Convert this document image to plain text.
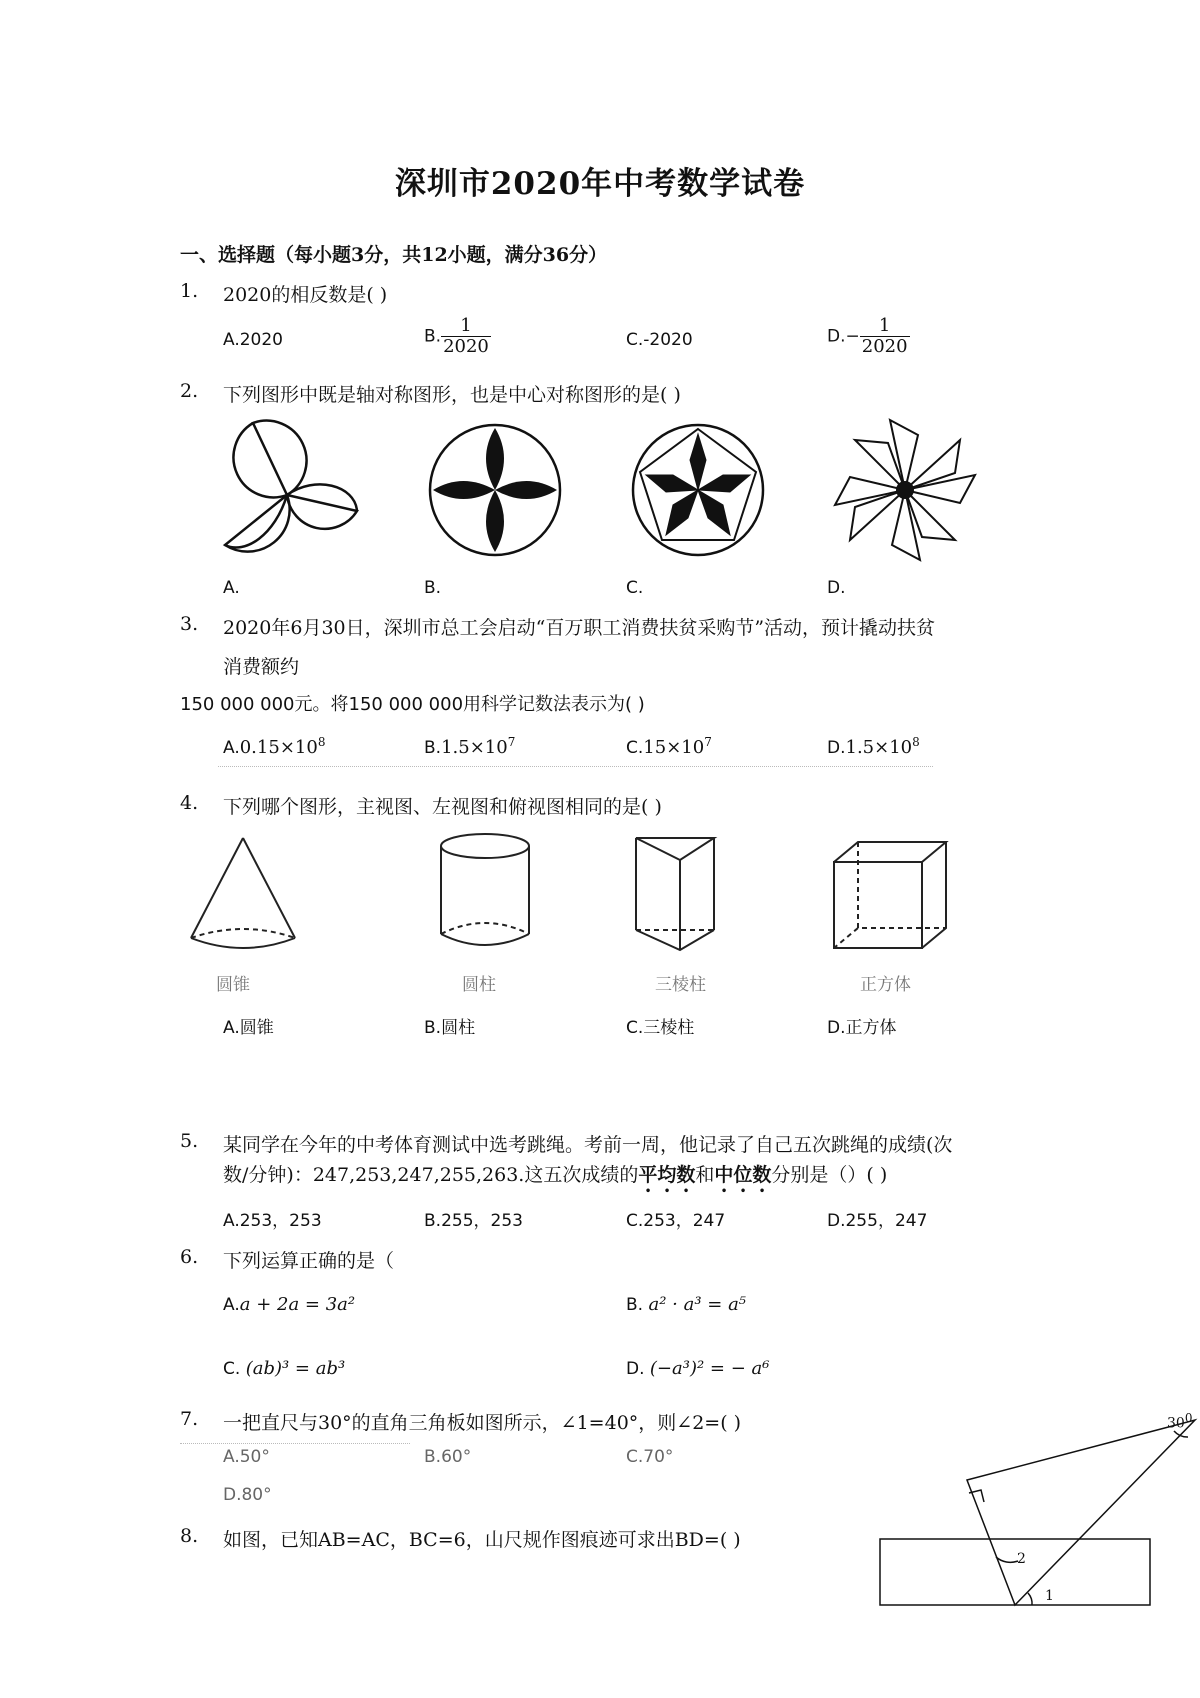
深圳市2020年中考数学试卷
一、选择题（每小题3分，共12小题，满分36分）
1. 2020的相反数是( )
A.2020	B. $\frac{1}{2020}$	C.-2020	$D.- \frac{1}{2020}$
2. 下列图形中既是轴对称图形，也是中心对称图形的是( )
A.	B.	C.	D.
3. 2020年6月30日，深圳市总工会启动“百万职工消费扶贫采购节”活动，预计撬动扶贫
消费额约
150 000 000元。将150 000 000用科学记数法表示为( )
$A.0.15\times 10^8$	$B.1.5\times 10^7$	$C.15\times 10^7$	$D.1.5\times 10^8$
4. 下列哪个图形，主视图、左视图和俯视图相同的是( )
圆锥	圆柱	三棱柱	正方体
A.圆锥	B.圆柱	C.三棱柱	D.正方体
5. 某同学在今年的中考体育测试中选考跳绳。考前一周，他记录了自己五次跳绳的成绩(次
数/分钟)：247,253,247,255,263.这五次成绩的平均数和中位数分别是（）( )
A.253，253	B.255，253	C.253，247	D.255，247
6. 下列运算正确的是（
A.a + 2a = 3a²	B. a² · a³ = a⁵
C. (ab)³ = ab³	D. (−a³)² = − a⁶
7. 一把直尺与30°的直角三角板如图所示，∠1=40°，则∠2=( )
A.50°	B.60°	C.70°
D.80°
$30^0$
2
1
8. 如图，已知AB=AC，BC=6，山尺规作图痕迹可求出BD=( )
